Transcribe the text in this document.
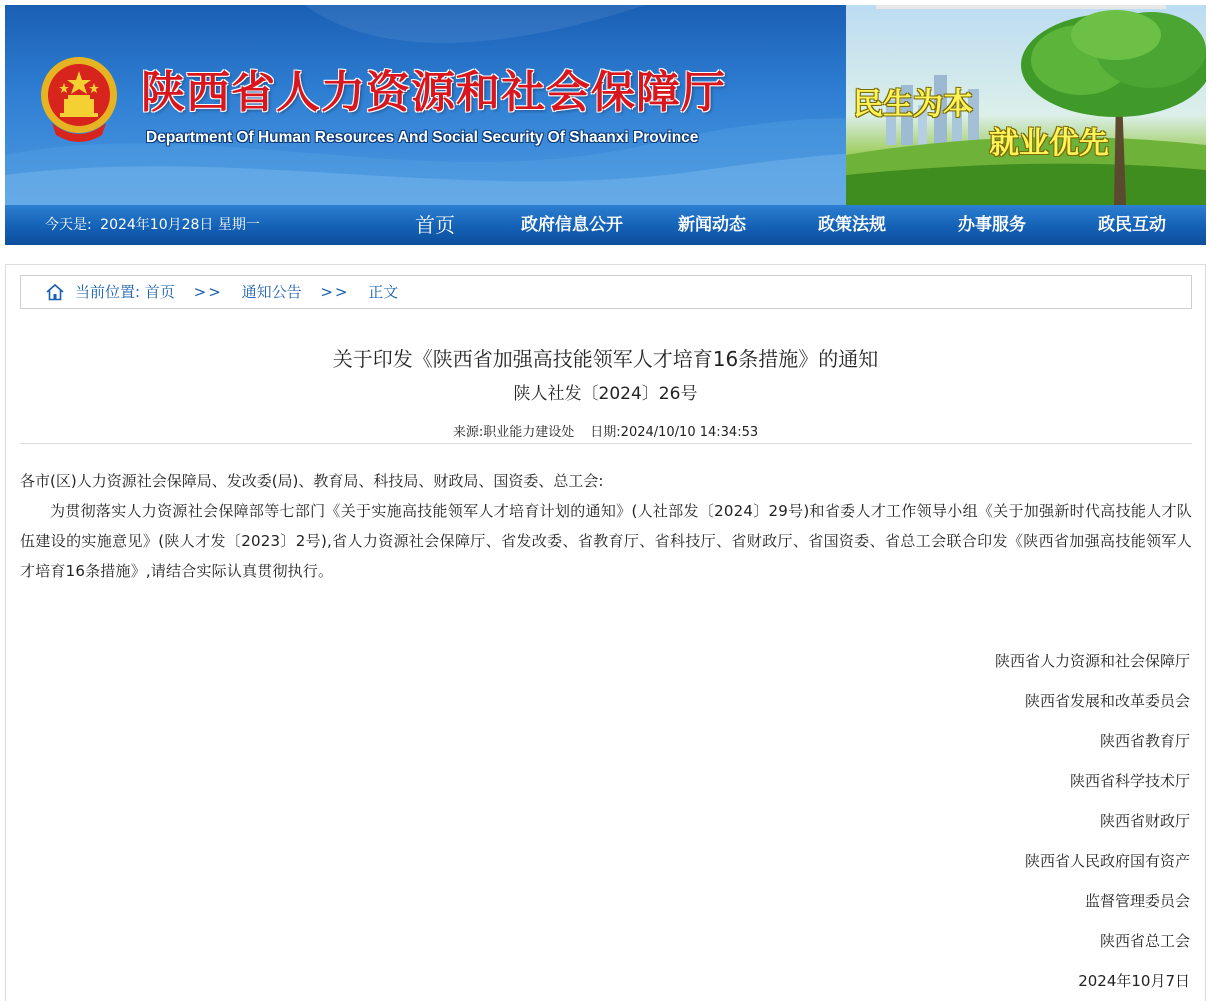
陕西省人力资源和社会保障厅
Department Of Human Resources And Social Security Of Shaanxi Province
民生为本
就业优先
今天是: 2024年10月28日 星期一	首页	政府信息公开	新闻动态	政策法规	办事服务	政民互动
当前位置: 首页 >> 通知公告 >> 正文
关于印发《陕西省加强高技能领军人才培育16条措施》的通知
陕人社发〔2024〕26号
来源:职业能力建设处 日期:2024/10/10 14:34:53

各市(区)人力资源社会保障局、发改委(局)、教育局、科技局、财政局、国资委、总工会:

为贯彻落实人力资源社会保障部等七部门《关于实施高技能领军人才培育计划的通知》(人社部发〔2024〕29号)和省委人才工作领导小组《关于加强新时代高技能人才队伍建设的实施意见》(陕人才发〔2023〕2号),省人力资源社会保障厅、省发改委、省教育厅、省科技厅、省财政厅、省国资委、省总工会联合印发《陕西省加强高技能领军人才培育16条措施》,请结合实际认真贯彻执行。

陕西省人力资源和社会保障厅
陕西省发展和改革委员会
陕西省教育厅
陕西省科学技术厅
陕西省财政厅
陕西省人民政府国有资产
监督管理委员会
陕西省总工会
2024年10月7日
